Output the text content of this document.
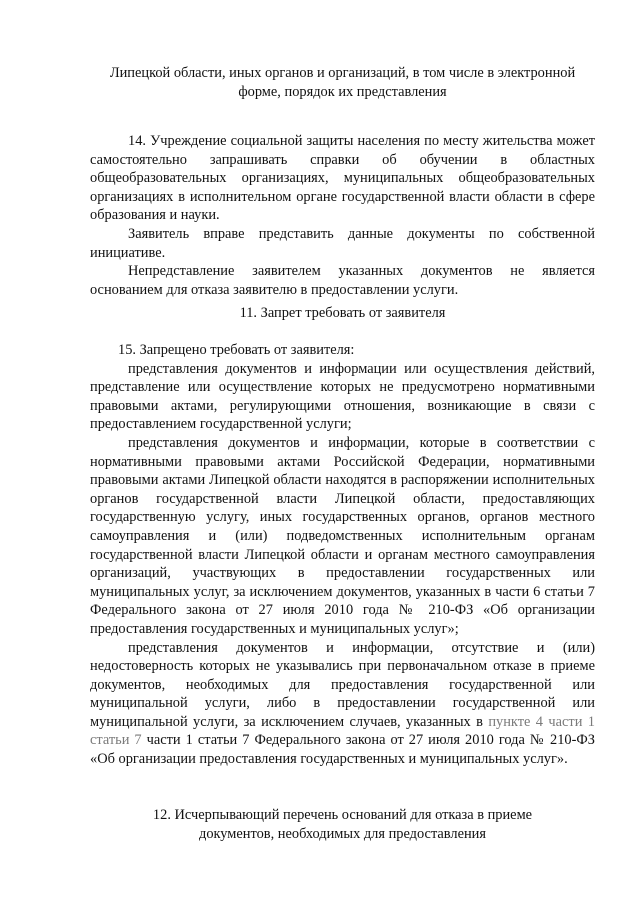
Липецкой области, иных органов и организаций, в том числе в электронной форме, порядок их представления

14. Учреждение социальной защиты населения по месту жительства может самостоятельно запрашивать справки об обучении в областных общеобразовательных организациях, муниципальных общеобразовательных организациях в исполнительном органе государственной власти области в сфере образования и науки.

Заявитель вправе представить данные документы по собственной инициативе.

Непредставление заявителем указанных документов не является основанием для отказа заявителю в предоставлении услуги.

11. Запрет требовать от заявителя

15. Запрещено требовать от заявителя:

представления документов и информации или осуществления действий, представление или осуществление которых не предусмотрено нормативными правовыми актами, регулирующими отношения, возникающие в связи с предоставлением государственной услуги;

представления документов и информации, которые в соответствии с нормативными правовыми актами Российской Федерации, нормативными правовыми актами Липецкой области находятся в распоряжении исполнительных органов государственной власти Липецкой области, предоставляющих государственную услугу, иных государственных органов, органов местного самоуправления и (или) подведомственных исполнительным органам государственной власти Липецкой области и органам местного самоуправления организаций, участвующих в предоставлении государственных или муниципальных услуг, за исключением документов, указанных в части 6 статьи 7 Федерального закона от 27 июля 2010 года № 210-ФЗ «Об организации предоставления государственных и муниципальных услуг»;

представления документов и информации, отсутствие и (или) недостоверность которых не указывались при первоначальном отказе в приеме документов, необходимых для предоставления государственной или муниципальной услуги, либо в предоставлении государственной или муниципальной услуги, за исключением случаев, указанных в пункте 4 части 1 статьи 7 части 1 статьи 7 Федерального закона от 27 июля 2010 года № 210-ФЗ «Об организации предоставления государственных и муниципальных услуг».

12. Исчерпывающий перечень оснований для отказа в приеме документов, необходимых для предоставления
